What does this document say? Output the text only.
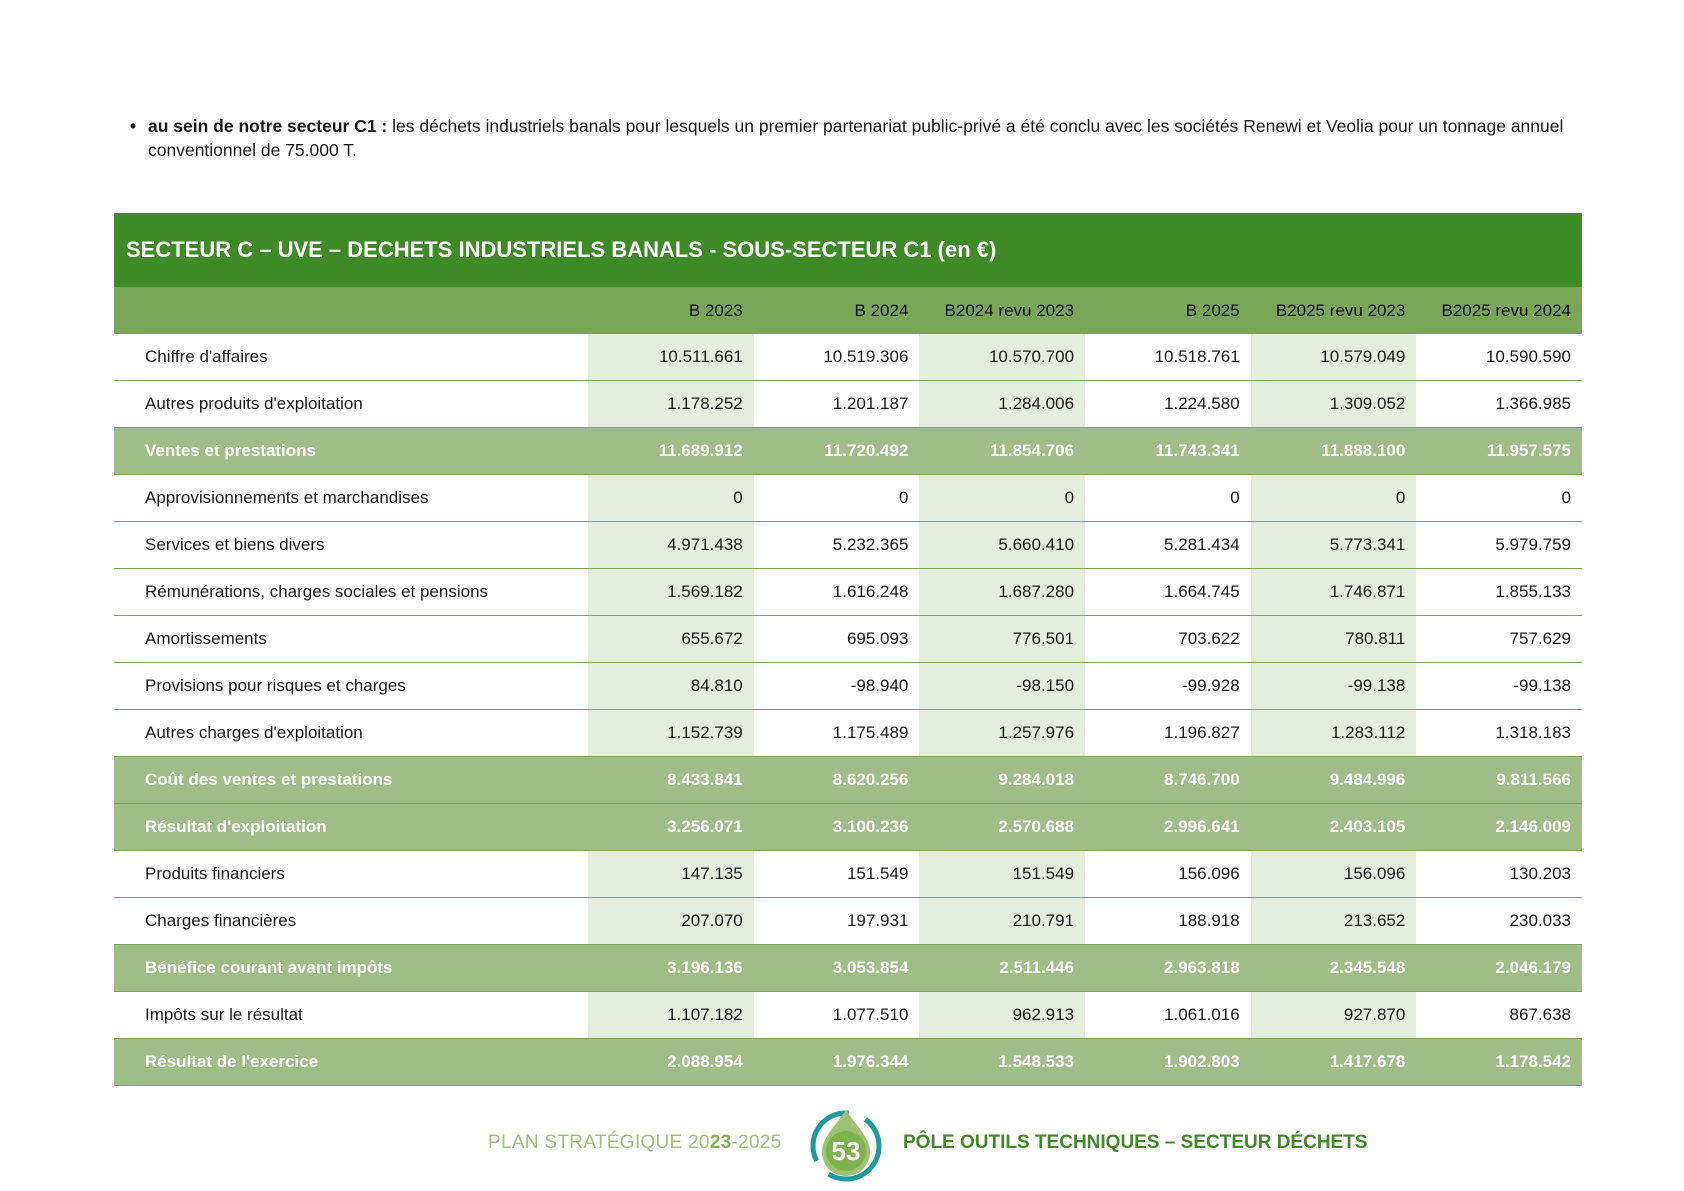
• au sein de notre secteur C1 : les déchets industriels banals pour lesquels un premier partenariat public-privé a été conclu avec les sociétés Renewi et Veolia pour un tonnage annuel conventionnel de 75.000 T.
SECTEUR C – UVE – DECHETS INDUSTRIELS BANALS - SOUS-SECTEUR C1 (en €)						
	B 2023	B 2024	B2024 revu 2023	B 2025	B2025 revu 2023	B2025 revu 2024
Chiffre d'affaires	10.511.661	10.519.306	10.570.700	10.518.761	10.579.049	10.590.590
Autres produits d'exploitation	1.178.252	1.201.187	1.284.006	1.224.580	1.309.052	1.366.985
Ventes et prestations	11.689.912	11.720.492	11.854.706	11.743.341	11.888.100	11.957.575
Approvisionnements et marchandises	0	0	0	0	0	0
Services et biens divers	4.971.438	5.232.365	5.660.410	5.281.434	5.773.341	5.979.759
Rémunérations, charges sociales et pensions	1.569.182	1.616.248	1.687.280	1.664.745	1.746.871	1.855.133
Amortissements	655.672	695.093	776.501	703.622	780.811	757.629
Provisions pour risques et charges	84.810	-98.940	-98.150	-99.928	-99.138	-99.138
Autres charges d'exploitation	1.152.739	1.175.489	1.257.976	1.196.827	1.283.112	1.318.183
Coût des ventes et prestations	8.433.841	8.620.256	9.284.018	8.746.700	9.484.996	9.811.566
Résultat d'exploitation	3.256.071	3.100.236	2.570.688	2.996.641	2.403.105	2.146.009
Produits financiers	147.135	151.549	151.549	156.096	156.096	130.203
Charges financières	207.070	197.931	210.791	188.918	213.652	230.033
Bénéfice courant avant impôts	3.196.136	3.053.854	2.511.446	2.963.818	2.345.548	2.046.179
Impôts sur le résultat	1.107.182	1.077.510	962.913	1.061.016	927.870	867.638
Résultat de l'exercice	2.088.954	1.976.344	1.548.533	1.902.803	1.417.678	1.178.542
PLAN STRATÉGIQUE 2023-2025 53 PÔLE OUTILS TECHNIQUES – SECTEUR DÉCHETS
